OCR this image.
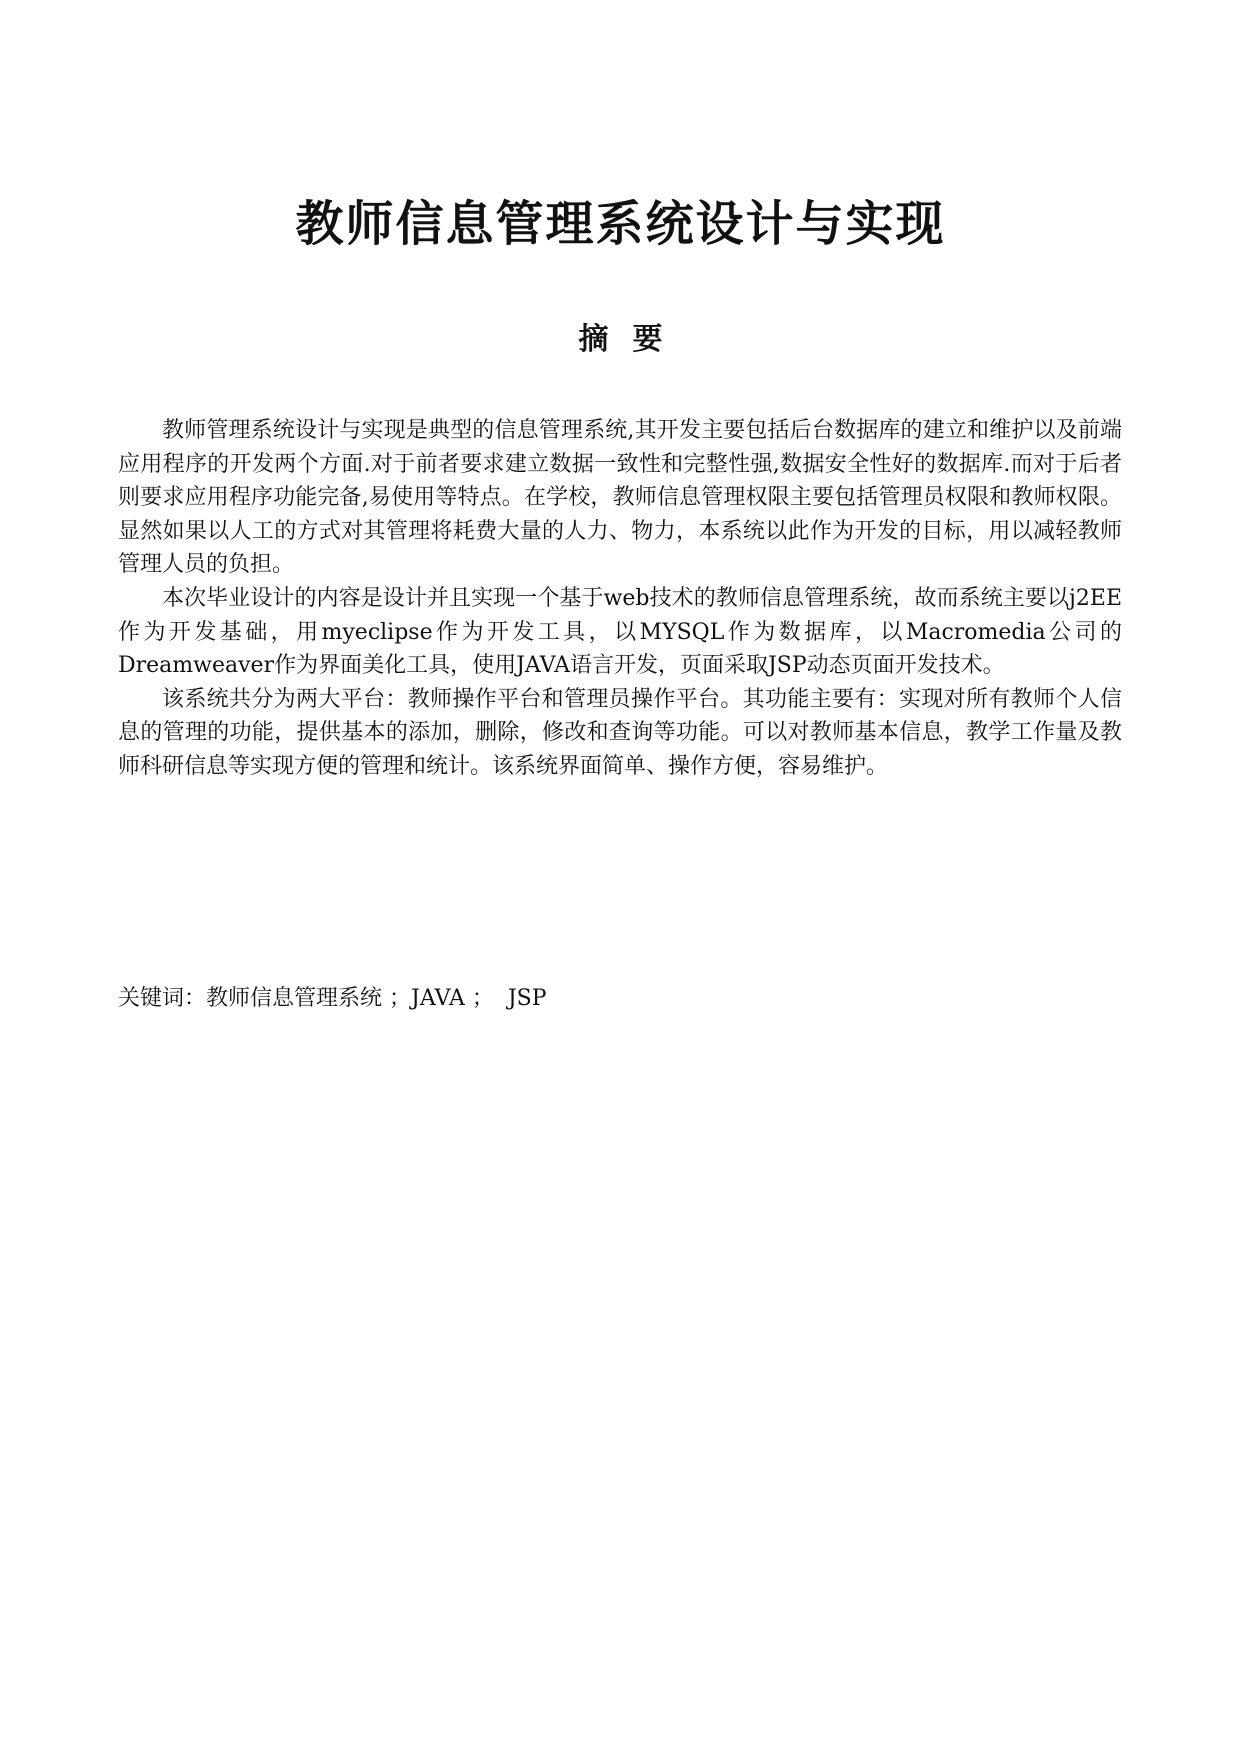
教师信息管理系统设计与实现
摘要

教师管理系统设计与实现是典型的信息管理系统,其开发主要包括后台数据库的建立和维护以及前端应用程序的开发两个方面.对于前者要求建立数据一致性和完整性强,数据安全性好的数据库.而对于后者则要求应用程序功能完备,易使用等特点。在学校，教师信息管理权限主要包括管理员权限和教师权限。显然如果以人工的方式对其管理将耗费大量的人力、物力，本系统以此作为开发的目标，用以减轻教师管理人员的负担。

本次毕业设计的内容是设计并且实现一个基于web技术的教师信息管理系统，故而系统主要以j2EE作为开发基础，用myeclipse作为开发工具，以MYSQL作为数据库，以Macromedia公司的Dreamweaver作为界面美化工具，使用JAVA语言开发，页面采取JSP动态页面开发技术。

该系统共分为两大平台：教师操作平台和管理员操作平台。其功能主要有：实现对所有教师个人信息的管理的功能，提供基本的添加，删除，修改和查询等功能。可以对教师基本信息，教学工作量及教师科研信息等实现方便的管理和统计。该系统界面简单、操作方便，容易维护。

关键词：教师信息管理系统 ；JAVA ；  JSP
